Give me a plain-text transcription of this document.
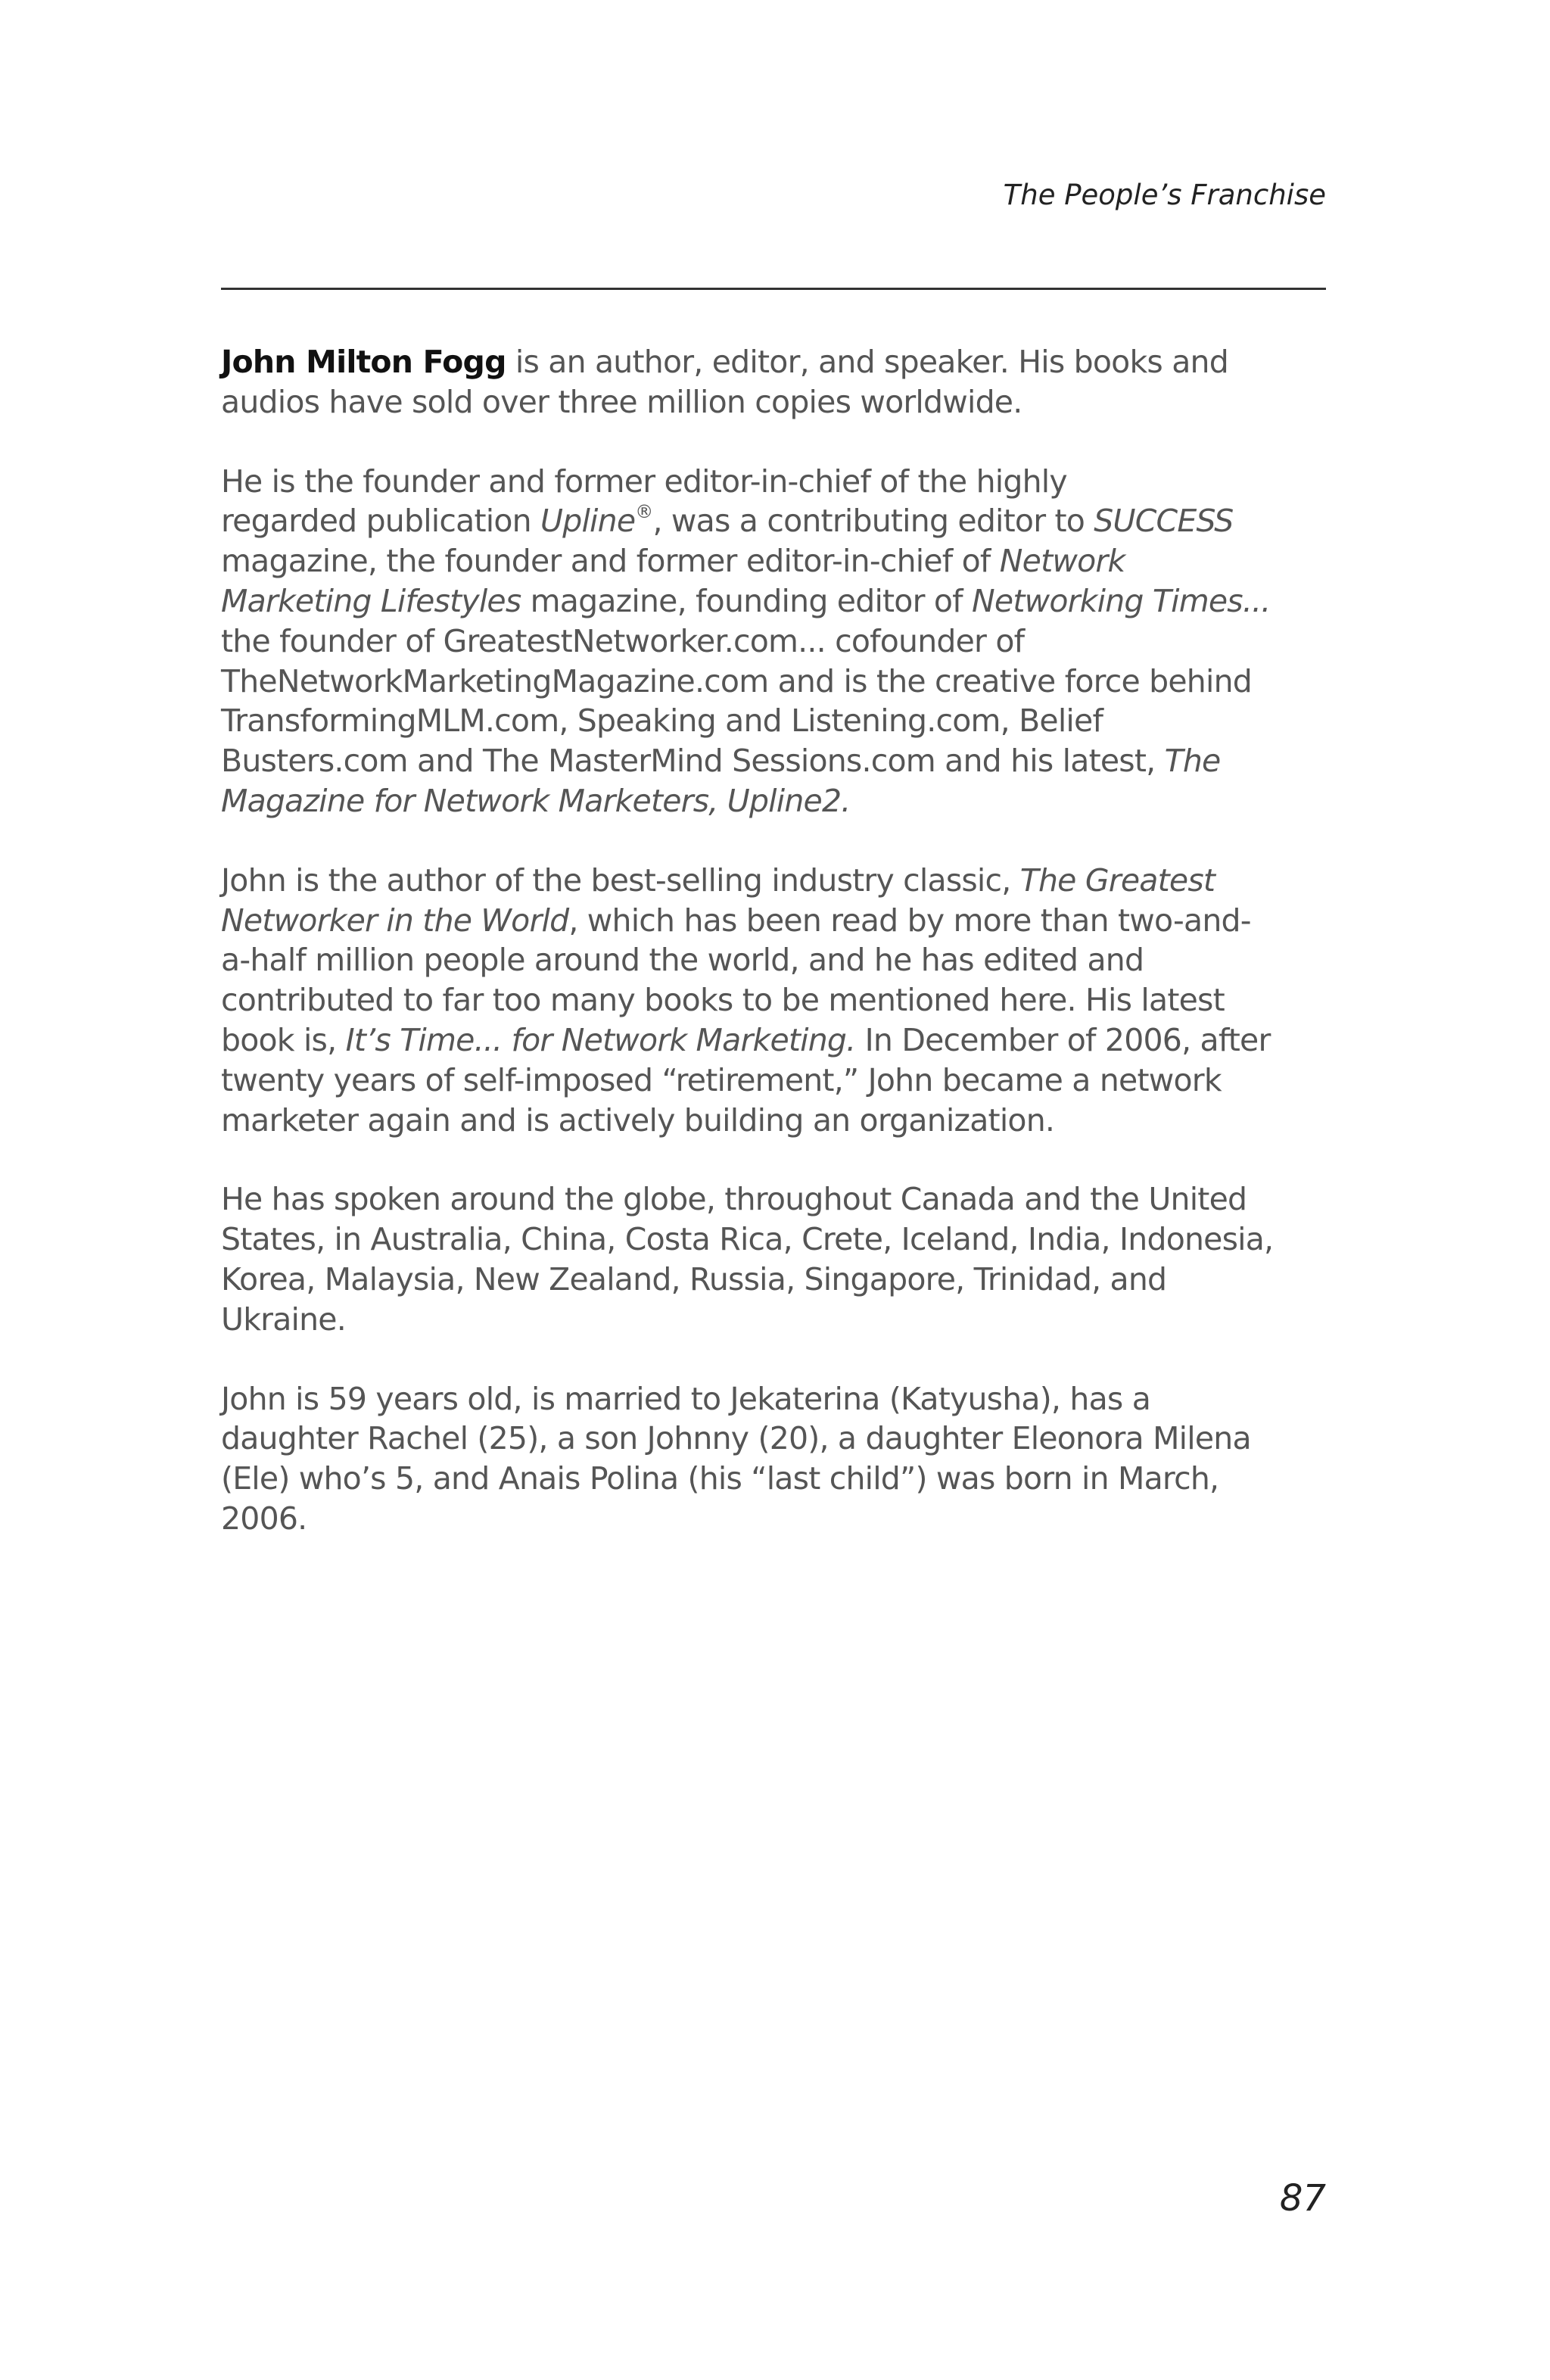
The People’s Franchise

John Milton Fogg is an author, editor, and speaker. His books and
audios have sold over three million copies worldwide.

He is the founder and former editor-in-chief of the highly
regarded publication Upline®, was a contributing editor to SUCCESS
magazine, the founder and former editor-in-chief of Network
Marketing Lifestyles magazine, founding editor of Networking Times...
the founder of GreatestNetworker.com... cofounder of
TheNetworkMarketingMagazine.com and is the creative force behind
TransformingMLM.com, Speaking and Listening.com, Belief
Busters.com and The MasterMind Sessions.com and his latest, The
Magazine for Network Marketers, Upline2.

John is the author of the best-selling industry classic, The Greatest
Networker in the World, which has been read by more than two-and-
a-half million people around the world, and he has edited and
contributed to far too many books to be mentioned here. His latest
book is, It’s Time... for Network Marketing. In December of 2006, after
twenty years of self-imposed “retirement,” John became a network
marketer again and is actively building an organization.

He has spoken around the globe, throughout Canada and the United
States, in Australia, China, Costa Rica, Crete, Iceland, India, Indonesia,
Korea, Malaysia, New Zealand, Russia, Singapore, Trinidad, and
Ukraine.

John is 59 years old, is married to Jekaterina (Katyusha), has a
daughter Rachel (25), a son Johnny (20), a daughter Eleonora Milena
(Ele) who’s 5, and Anais Polina (his “last child”) was born in March,
2006.

87
